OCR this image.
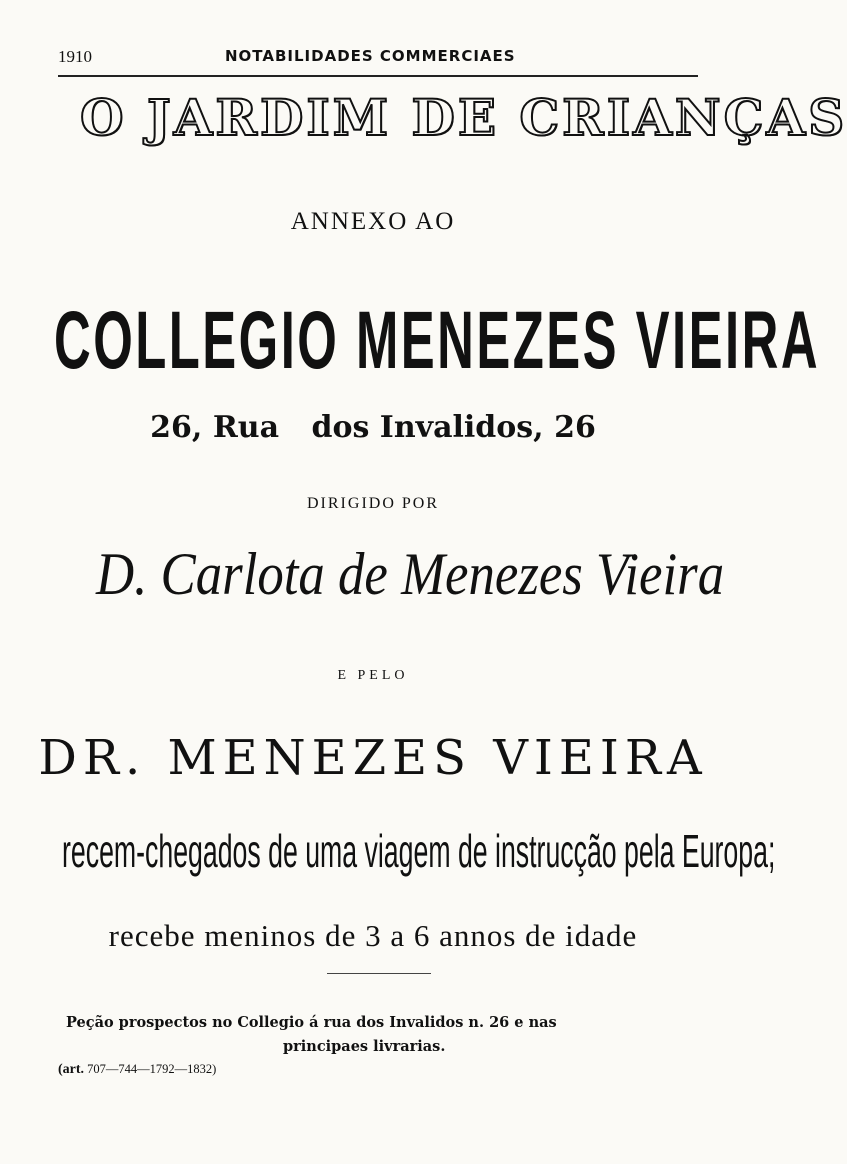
1910	NOTABILIDADES COMMERCIAES
O JARDIM DE CRIANÇAS
ANNEXO AO
COLLEGIO MENEZES VIEIRA
26, Rua dos Invalidos, 26
DIRIGIDO POR
D. Carlota de Menezes Vieira
E PELO
DR. MENEZES VIEIRA
recem-chegados de uma viagem de instrucção pela Europa;
recebe meninos de 3 a 6 annos de idade
Peção prospectos no Collegio á rua dos Invalidos n. 26 e nas
principaes livrarias.
(art. 707—744—1792—1832)
